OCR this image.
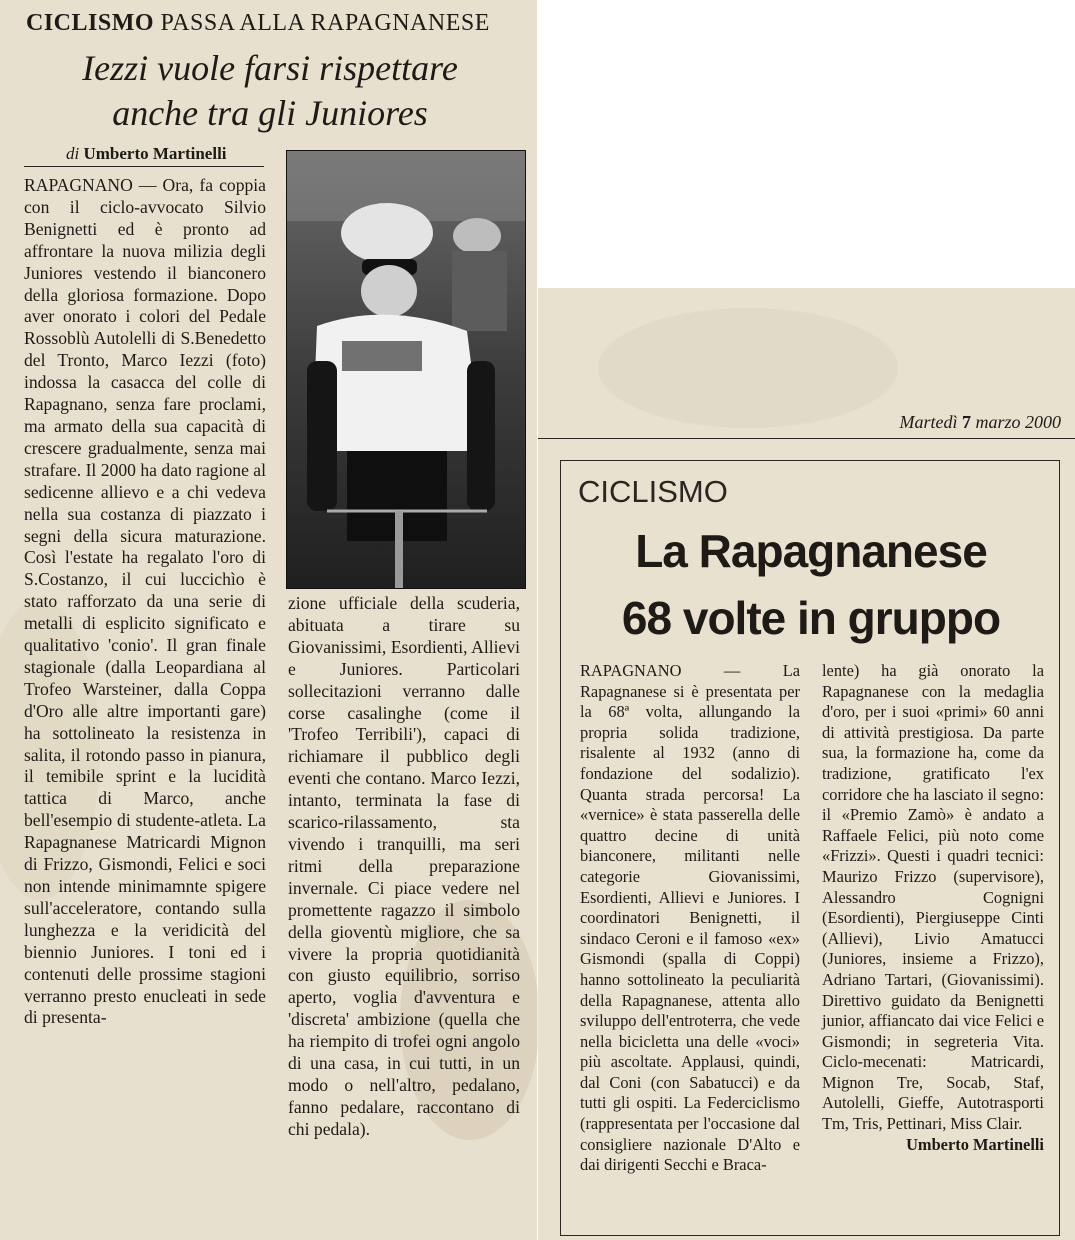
CICLISMO PASSA ALLA RAPAGNANESE
Iezzi vuole farsi rispettare
anche tra gli Juniores
di Umberto Martinelli

RAPAGNANO — Ora, fa coppia con il ciclo-avvocato Silvio Benignetti ed è pronto ad affrontare la nuova milizia degli Juniores vestendo il bianconero della gloriosa formazione. Dopo aver onorato i colori del Pedale Rossoblù Autolelli di S.Benedetto del Tronto, Marco Iezzi (foto) indossa la casacca del colle di Rapagnano, senza fare proclami, ma armato della sua capacità di crescere gradualmente, senza mai strafare. Il 2000 ha dato ragione al sedicenne allievo e a chi vedeva nella sua costanza di piazzato i segni della sicura maturazione. Così l'estate ha regalato l'oro di S.Costanzo, il cui luccichìo è stato rafforzato da una serie di metalli di esplicito significato e qualitativo 'conio'. Il gran finale stagionale (dalla Leopardiana al Trofeo Warsteiner, dalla Coppa d'Oro alle altre importanti gare) ha sottolineato la resistenza in salita, il rotondo passo in pianura, il temibile sprint e la lucidità tattica di Marco, anche bell'esempio di studente-atleta. La Rapagnanese Matricardi Mignon di Frizzo, Gismondi, Felici e soci non intende minimamnte spigere sull'acceleratore, contando sulla lunghezza e la veridicità del biennio Juniores. I toni ed i contenuti delle prossime stagioni verranno presto enucleati in sede di presenta-

zione ufficiale della scuderia, abituata a tirare su Giovanissimi, Esordienti, Allievi e Juniores. Particolari sollecitazioni verranno dalle corse casalinghe (come il 'Trofeo Terribili'), capaci di richiamare il pubblico degli eventi che contano. Marco Iezzi, intanto, terminata la fase di scarico-rilassamento, sta vivendo i tranquilli, ma seri ritmi della preparazione invernale. Ci piace vedere nel promettente ragazzo il simbolo della gioventù migliore, che sa vivere la propria quotidianità con giusto equilibrio, sorriso aperto, voglia d'avventura e 'discreta' ambizione (quella che ha riempito di trofei ogni angolo di una casa, in cui tutti, in un modo o nell'altro, pedalano, fanno pedalare, raccontano di chi pedala).

Martedì 7 marzo 2000
CICLISMO
La Rapagnanese
68 volte in gruppo

RAPAGNANO — La Rapagnanese si è presentata per la 68ª volta, allungando la propria solida tradizione, risalente al 1932 (anno di fondazione del sodalizio). Quanta strada percorsa! La «vernice» è stata passerella delle quattro decine di unità bianconere, militanti nelle categorie Giovanissimi, Esordienti, Allievi e Juniores. I coordinatori Benignetti, il sindaco Ceroni e il famoso «ex» Gismondi (spalla di Coppi) hanno sottolineato la peculiarità della Rapagnanese, attenta allo sviluppo dell'entroterra, che vede nella bicicletta una delle «voci» più ascoltate. Applausi, quindi, dal Coni (con Sabatucci) e da tutti gli ospiti. La Federciclismo (rappresentata per l'occasione dal consigliere nazionale D'Alto e dai dirigenti Secchi e Braca-

lente) ha già onorato la Rapagnanese con la medaglia d'oro, per i suoi «primi» 60 anni di attività prestigiosa. Da parte sua, la formazione ha, come da tradizione, gratificato l'ex corridore che ha lasciato il segno: il «Premio Zamò» è andato a Raffaele Felici, più noto come «Frizzi». Questi i quadri tecnici: Maurizo Frizzo (supervisore), Alessandro Cognigni (Esordienti), Piergiuseppe Cinti (Allievi), Livio Amatucci (Juniores, insieme a Frizzo), Adriano Tartari, (Giovanissimi). Direttivo guidato da Benignetti junior, affiancato dai vice Felici e Gismondi; in segreteria Vita. Ciclo-mecenati: Matricardi, Mignon Tre, Socab, Staf, Autolelli, Gieffe, Autotrasporti Tm, Tris, Pettinari, Miss Clair.

Umberto Martinelli
